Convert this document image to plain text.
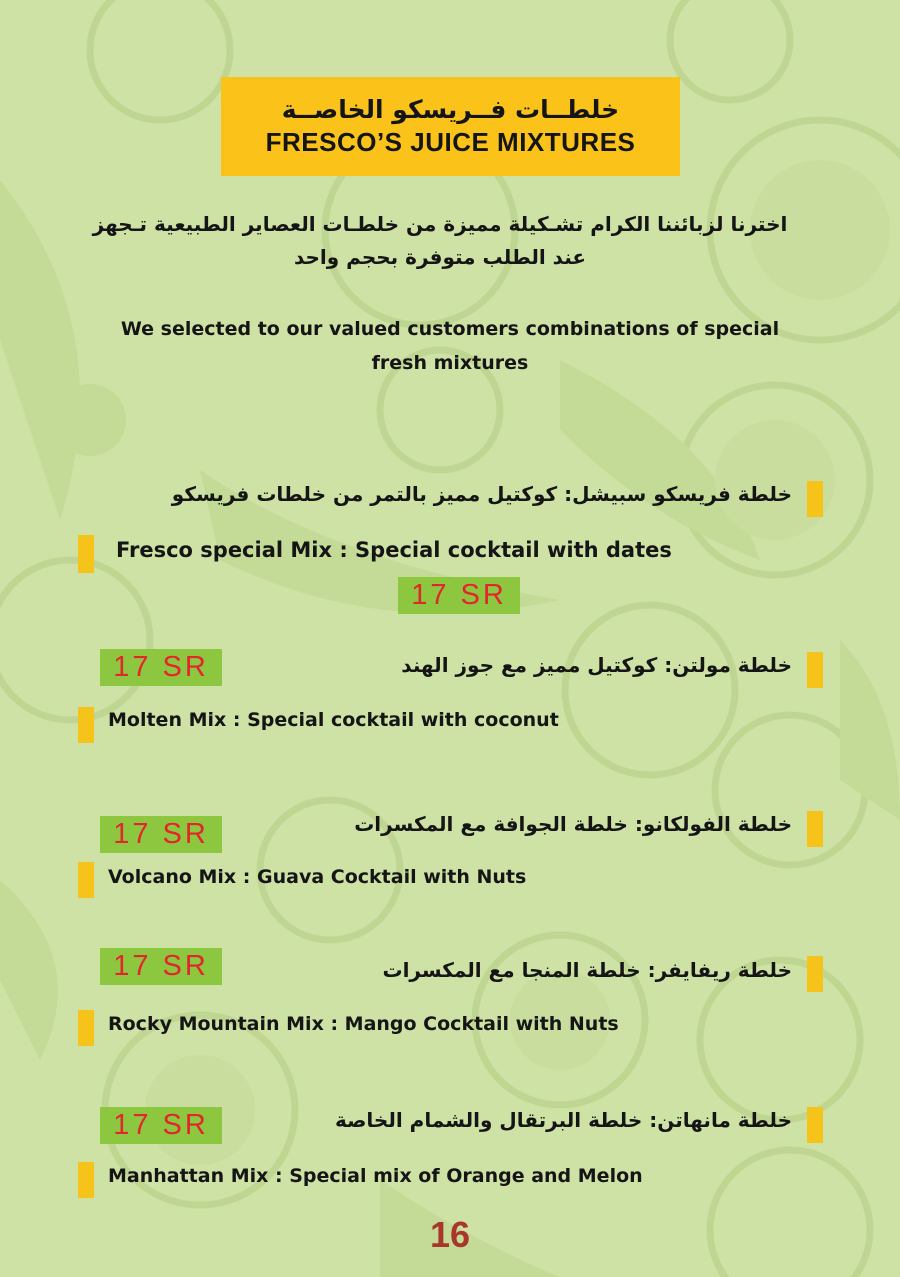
خلطــات فــريسكو الخاصــة
FRESCO’S JUICE MIXTURES
اخترنا لزبائننا الكرام تشـكيلة مميزة من خلطـات العصاير الطبيعية تـجهز
عند الطلب متوفرة بحجم واحد
We selected to our valued customers combinations of special
fresh mixtures
خلطة فريسكو سبيشل: كوكتيل مميز بالتمر من خلطات فريسكو
Fresco special Mix : Special cocktail with dates
17 SR
خلطة مولتن: كوكتيل مميز مع جوز الهند
17 SR
Molten Mix : Special cocktail with coconut
خلطة الفولكانو: خلطة الجوافة مع المكسرات
17 SR
Volcano Mix : Guava Cocktail with Nuts
خلطة ريفايفر: خلطة المنجا مع المكسرات
17 SR
Rocky Mountain Mix : Mango Cocktail with Nuts
خلطة مانهاتن: خلطة البرتقال والشمام الخاصة
17 SR
Manhattan Mix : Special mix of Orange and Melon
16
